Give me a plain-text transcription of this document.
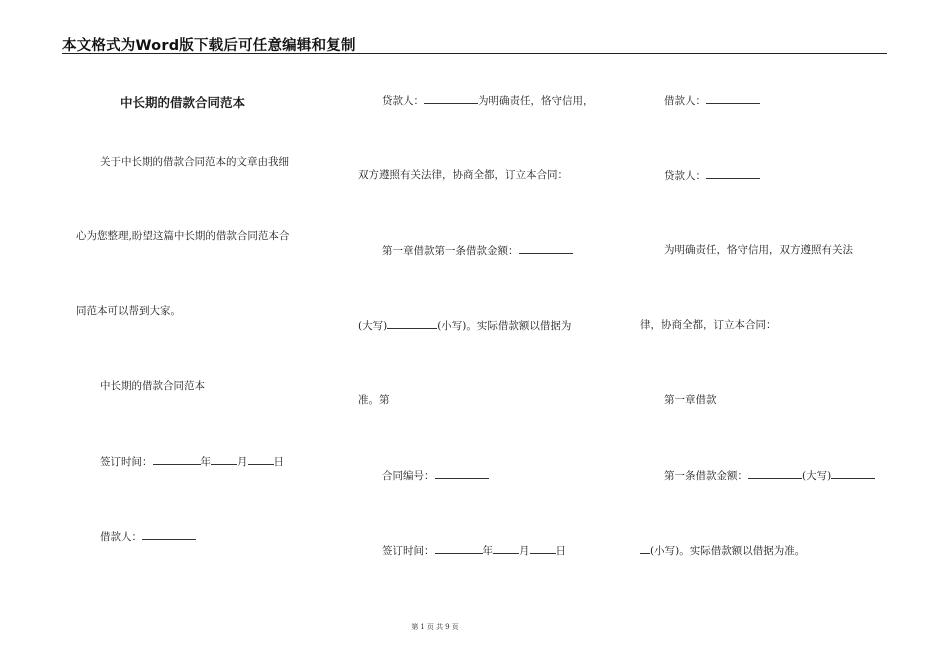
本文格式为Word版下载后可任意编辑和复制
中长期的借款合同范本
关于中长期的借款合同范本的文章由我细
心为您整理,盼望这篇中长期的借款合同范本合
同范本可以帮到大家。
中长期的借款合同范本
签订时间：	年 月 日
借款人：
贷款人：	为明确责任，恪守信用，
双方遵照有关法律，协商全都，订立本合同：
第一章借款第一条借款金额：
(大写)	(小写)。实际借款额以借据为
准。第
合同编号：
签订时间：	年 月 日
借款人：
贷款人：
为明确责任，恪守信用，双方遵照有关法
律，协商全都，订立本合同：
第一章借款
第一条借款金额：	(大写)
(小写)。实际借款额以借据为准。
第 1 页 共 9 页
